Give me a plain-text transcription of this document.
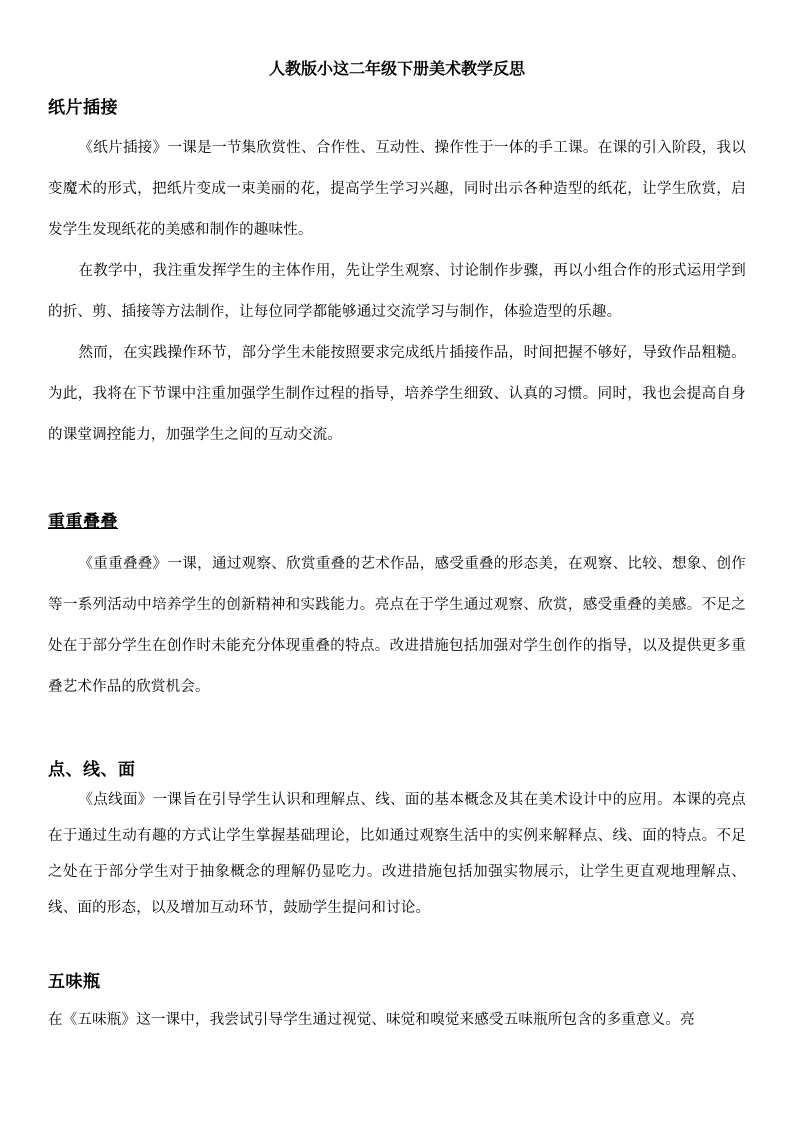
人教版小这二年级下册美术教学反思
纸片插接

《纸片插接》一课是一节集欣赏性、合作性、互动性、操作性于一体的手工课。在课的引入阶段，我以变魔术的形式，把纸片变成一束美丽的花，提高学生学习兴趣，同时出示各种造型的纸花，让学生欣赏，启发学生发现纸花的美感和制作的趣味性。

在教学中，我注重发挥学生的主体作用，先让学生观察、讨论制作步骤，再以小组合作的形式运用学到的折、剪、插接等方法制作，让每位同学都能够通过交流学习与制作，体验造型的乐趣。

然而，在实践操作环节，部分学生未能按照要求完成纸片插接作品，时间把握不够好，导致作品粗糙。为此，我将在下节课中注重加强学生制作过程的指导，培养学生细致、认真的习惯。同时，我也会提高自身的课堂调控能力，加强学生之间的互动交流。

重重叠叠

《重重叠叠》一课，通过观察、欣赏重叠的艺术作品，感受重叠的形态美，在观察、比较、想象、创作等一系列活动中培养学生的创新精神和实践能力。亮点在于学生通过观察、欣赏，感受重叠的美感。不足之处在于部分学生在创作时未能充分体现重叠的特点。改进措施包括加强对学生创作的指导，以及提供更多重叠艺术作品的欣赏机会。

点、线、面

《点线面》一课旨在引导学生认识和理解点、线、面的基本概念及其在美术设计中的应用。本课的亮点在于通过生动有趣的方式让学生掌握基础理论，比如通过观察生活中的实例来解释点、线、面的特点。不足之处在于部分学生对于抽象概念的理解仍显吃力。改进措施包括加强实物展示，让学生更直观地理解点、线、面的形态，以及增加互动环节，鼓励学生提问和讨论。

五味瓶

在《五味瓶》这一课中，我尝试引导学生通过视觉、味觉和嗅觉来感受五味瓶所包含的多重意义。亮
